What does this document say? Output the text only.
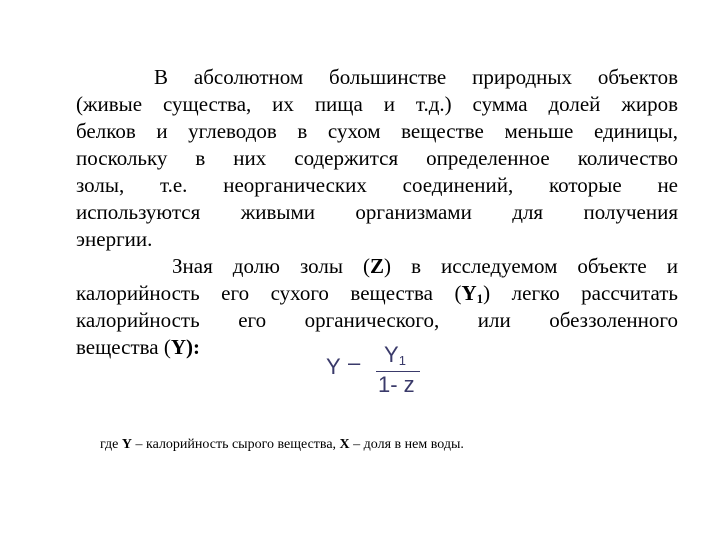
В абсолютном большинстве природных объектов
(живые существа, их пища и т.д.) сумма долей жиров
белков и углеводов в сухом веществе меньше единицы,
поскольку в них содержится определенное количество
золы, т.е. неорганических соединений, которые не
используются живыми организмами для получения
энергии.
Зная долю золы (Z) в исследуемом объекте и
калорийность его сухого вещества $(Y_1)$ легко рассчитать
калорийность его органического, или обеззоленного
вещества (Y):
Y – $Y_1$
1- z
где Y – калорийность сырого вещества, X – доля в нем воды.
